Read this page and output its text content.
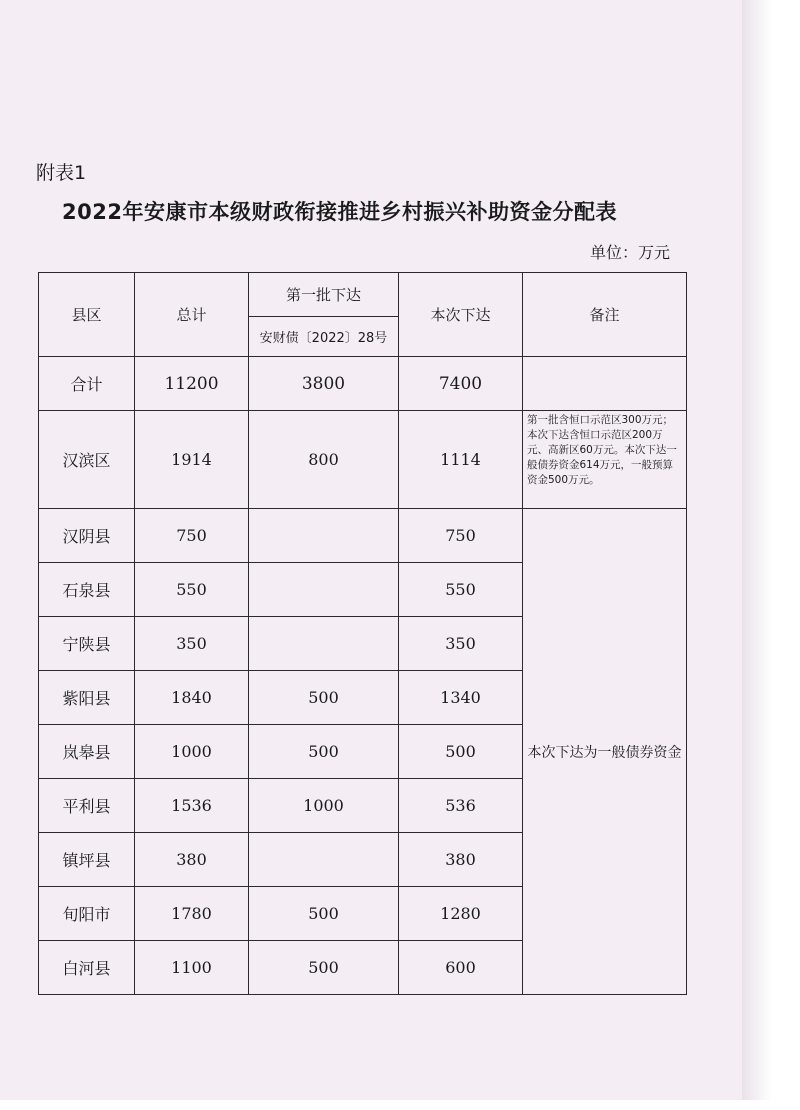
附表1
2022年安康市本级财政衔接推进乡村振兴补助资金分配表
单位：万元
县区	总计	第一批下达	本次下达	备注
		安财债〔2022〕28号		
合计	11200	3800	7400	
汉滨区	1914	800	1114	第一批含恒口示范区300万元；本次下达含恒口示范区200万元、高新区60万元。本次下达一般债券资金614万元，一般预算资金500万元。
汉阴县	750		750	本次下达为一般债券资金
石泉县	550		550	
宁陕县	350		350	
紫阳县	1840	500	1340	
岚皋县	1000	500	500	
平利县	1536	1000	536	
镇坪县	380		380	
旬阳市	1780	500	1280	
白河县	1100	500	600	
